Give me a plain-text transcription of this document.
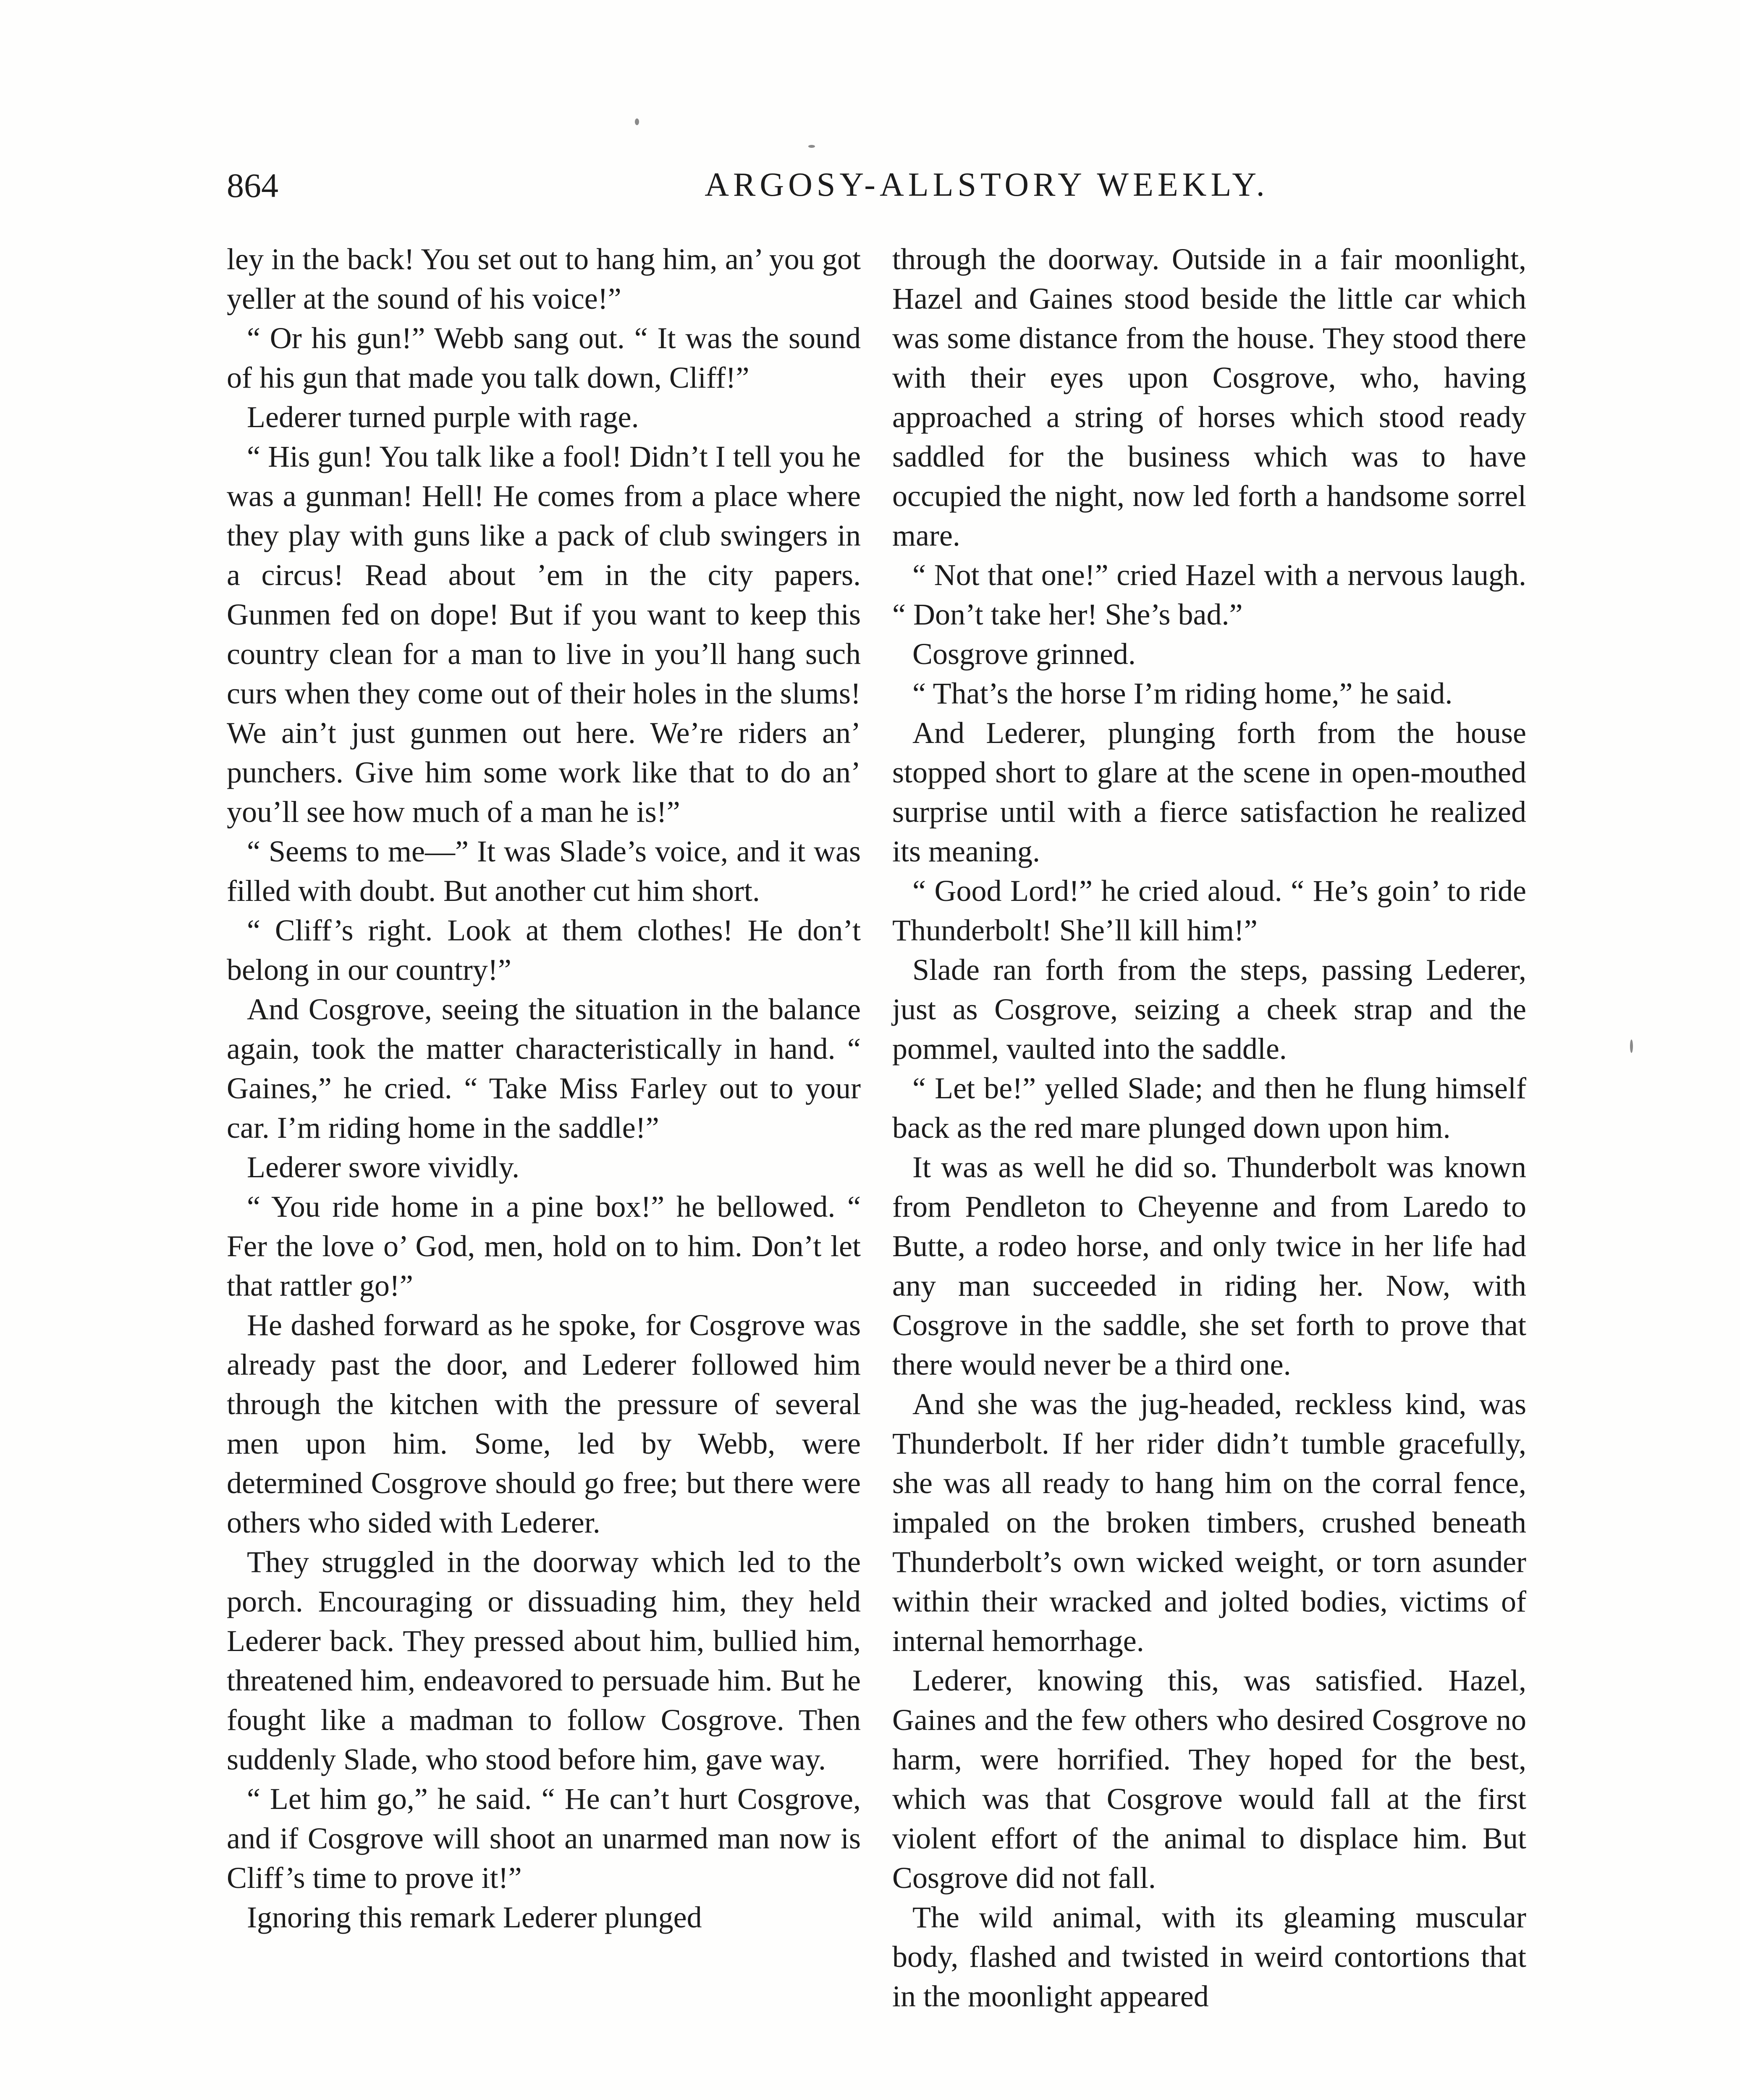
864	ARGOSY-ALLSTORY WEEKLY.

ley in the back! You set out to hang him, an’ you got yeller at the sound of his voice!”

“ Or his gun!” Webb sang out. “ It was the sound of his gun that made you talk down, Cliff!”

Lederer turned purple with rage.

“ His gun! You talk like a fool! Didn’t I tell you he was a gunman! Hell! He comes from a place where they play with guns like a pack of club swingers in a circus! Read about ’em in the city papers. Gunmen fed on dope! But if you want to keep this country clean for a man to live in you’ll hang such curs when they come out of their holes in the slums! We ain’t just gunmen out here. We’re riders an’ punchers. Give him some work like that to do an’ you’ll see how much of a man he is!”

“ Seems to me—” It was Slade’s voice, and it was filled with doubt. But another cut him short.

“ Cliff’s right. Look at them clothes! He don’t belong in our country!”

And Cosgrove, seeing the situation in the balance again, took the matter characteristically in hand. “ Gaines,” he cried. “ Take Miss Farley out to your car. I’m riding home in the saddle!”

Lederer swore vividly.

“ You ride home in a pine box!” he bellowed. “ Fer the love o’ God, men, hold on to him. Don’t let that rattler go!”

He dashed forward as he spoke, for Cosgrove was already past the door, and Lederer followed him through the kitchen with the pressure of several men upon him. Some, led by Webb, were determined Cosgrove should go free; but there were others who sided with Lederer.

They struggled in the doorway which led to the porch. Encouraging or dissuading him, they held Lederer back. They pressed about him, bullied him, threatened him, endeavored to persuade him. But he fought like a madman to follow Cosgrove. Then suddenly Slade, who stood before him, gave way.

“ Let him go,” he said. “ He can’t hurt Cosgrove, and if Cosgrove will shoot an unarmed man now is Cliff’s time to prove it!”

Ignoring this remark Lederer plunged

through the doorway. Outside in a fair moonlight, Hazel and Gaines stood beside the little car which was some distance from the house. They stood there with their eyes upon Cosgrove, who, having approached a string of horses which stood ready saddled for the business which was to have occupied the night, now led forth a handsome sorrel mare.

“ Not that one!” cried Hazel with a nervous laugh. “ Don’t take her! She’s bad.”

Cosgrove grinned.

“ That’s the horse I’m riding home,” he said.

And Lederer, plunging forth from the house stopped short to glare at the scene in open-mouthed surprise until with a fierce satisfaction he realized its meaning.

“ Good Lord!” he cried aloud. “ He’s goin’ to ride Thunderbolt! She’ll kill him!”

Slade ran forth from the steps, passing Lederer, just as Cosgrove, seizing a cheek strap and the pommel, vaulted into the saddle.

“ Let be!” yelled Slade; and then he flung himself back as the red mare plunged down upon him.

It was as well he did so. Thunderbolt was known from Pendleton to Cheyenne and from Laredo to Butte, a rodeo horse, and only twice in her life had any man succeeded in riding her. Now, with Cosgrove in the saddle, she set forth to prove that there would never be a third one.

And she was the jug-headed, reckless kind, was Thunderbolt. If her rider didn’t tumble gracefully, she was all ready to hang him on the corral fence, impaled on the broken timbers, crushed beneath Thunderbolt’s own wicked weight, or torn asunder within their wracked and jolted bodies, victims of internal hemorrhage.

Lederer, knowing this, was satisfied. Hazel, Gaines and the few others who desired Cosgrove no harm, were horrified. They hoped for the best, which was that Cosgrove would fall at the first violent effort of the animal to displace him. But Cosgrove did not fall.

The wild animal, with its gleaming muscular body, flashed and twisted in weird contortions that in the moonlight appeared
